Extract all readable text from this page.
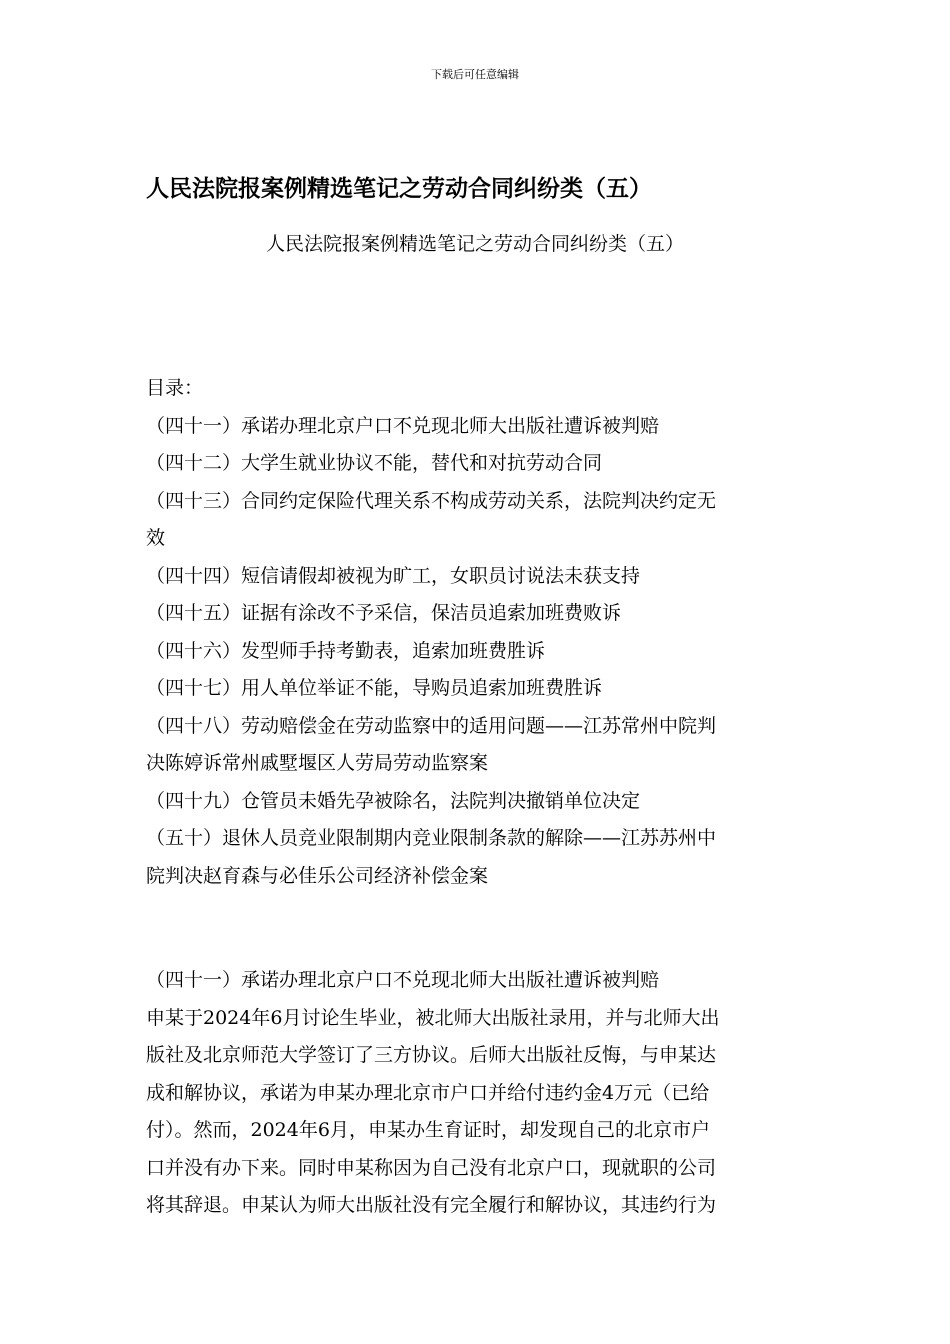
下载后可任意编辑
人民法院报案例精选笔记之劳动合同纠纷类（五）
人民法院报案例精选笔记之劳动合同纠纷类（五）
目录：
（四十一）承诺办理北京户口不兑现北师大出版社遭诉被判赔
（四十二）大学生就业协议不能，替代和对抗劳动合同
（四十三）合同约定保险代理关系不构成劳动关系，法院判决约定无
效
（四十四）短信请假却被视为旷工，女职员讨说法未获支持
（四十五）证据有涂改不予采信，保洁员追索加班费败诉
（四十六）发型师手持考勤表，追索加班费胜诉
（四十七）用人单位举证不能，导购员追索加班费胜诉
（四十八）劳动赔偿金在劳动监察中的适用问题——江苏常州中院判
决陈婷诉常州戚墅堰区人劳局劳动监察案
（四十九）仓管员未婚先孕被除名，法院判决撤销单位决定
（五十）退休人员竞业限制期内竞业限制条款的解除——江苏苏州中
院判决赵育森与必佳乐公司经济补偿金案
（四十一）承诺办理北京户口不兑现北师大出版社遭诉被判赔
申某于2024年6月讨论生毕业，被北师大出版社录用，并与北师大出
版社及北京师范大学签订了三方协议。后师大出版社反悔，与申某达
成和解协议，承诺为申某办理北京市户口并给付违约金4万元（已给
付）。然而，2024年6月，申某办生育证时，却发现自己的北京市户
口并没有办下来。同时申某称因为自己没有北京户口，现就职的公司
将其辞退。申某认为师大出版社没有完全履行和解协议，其违约行为
